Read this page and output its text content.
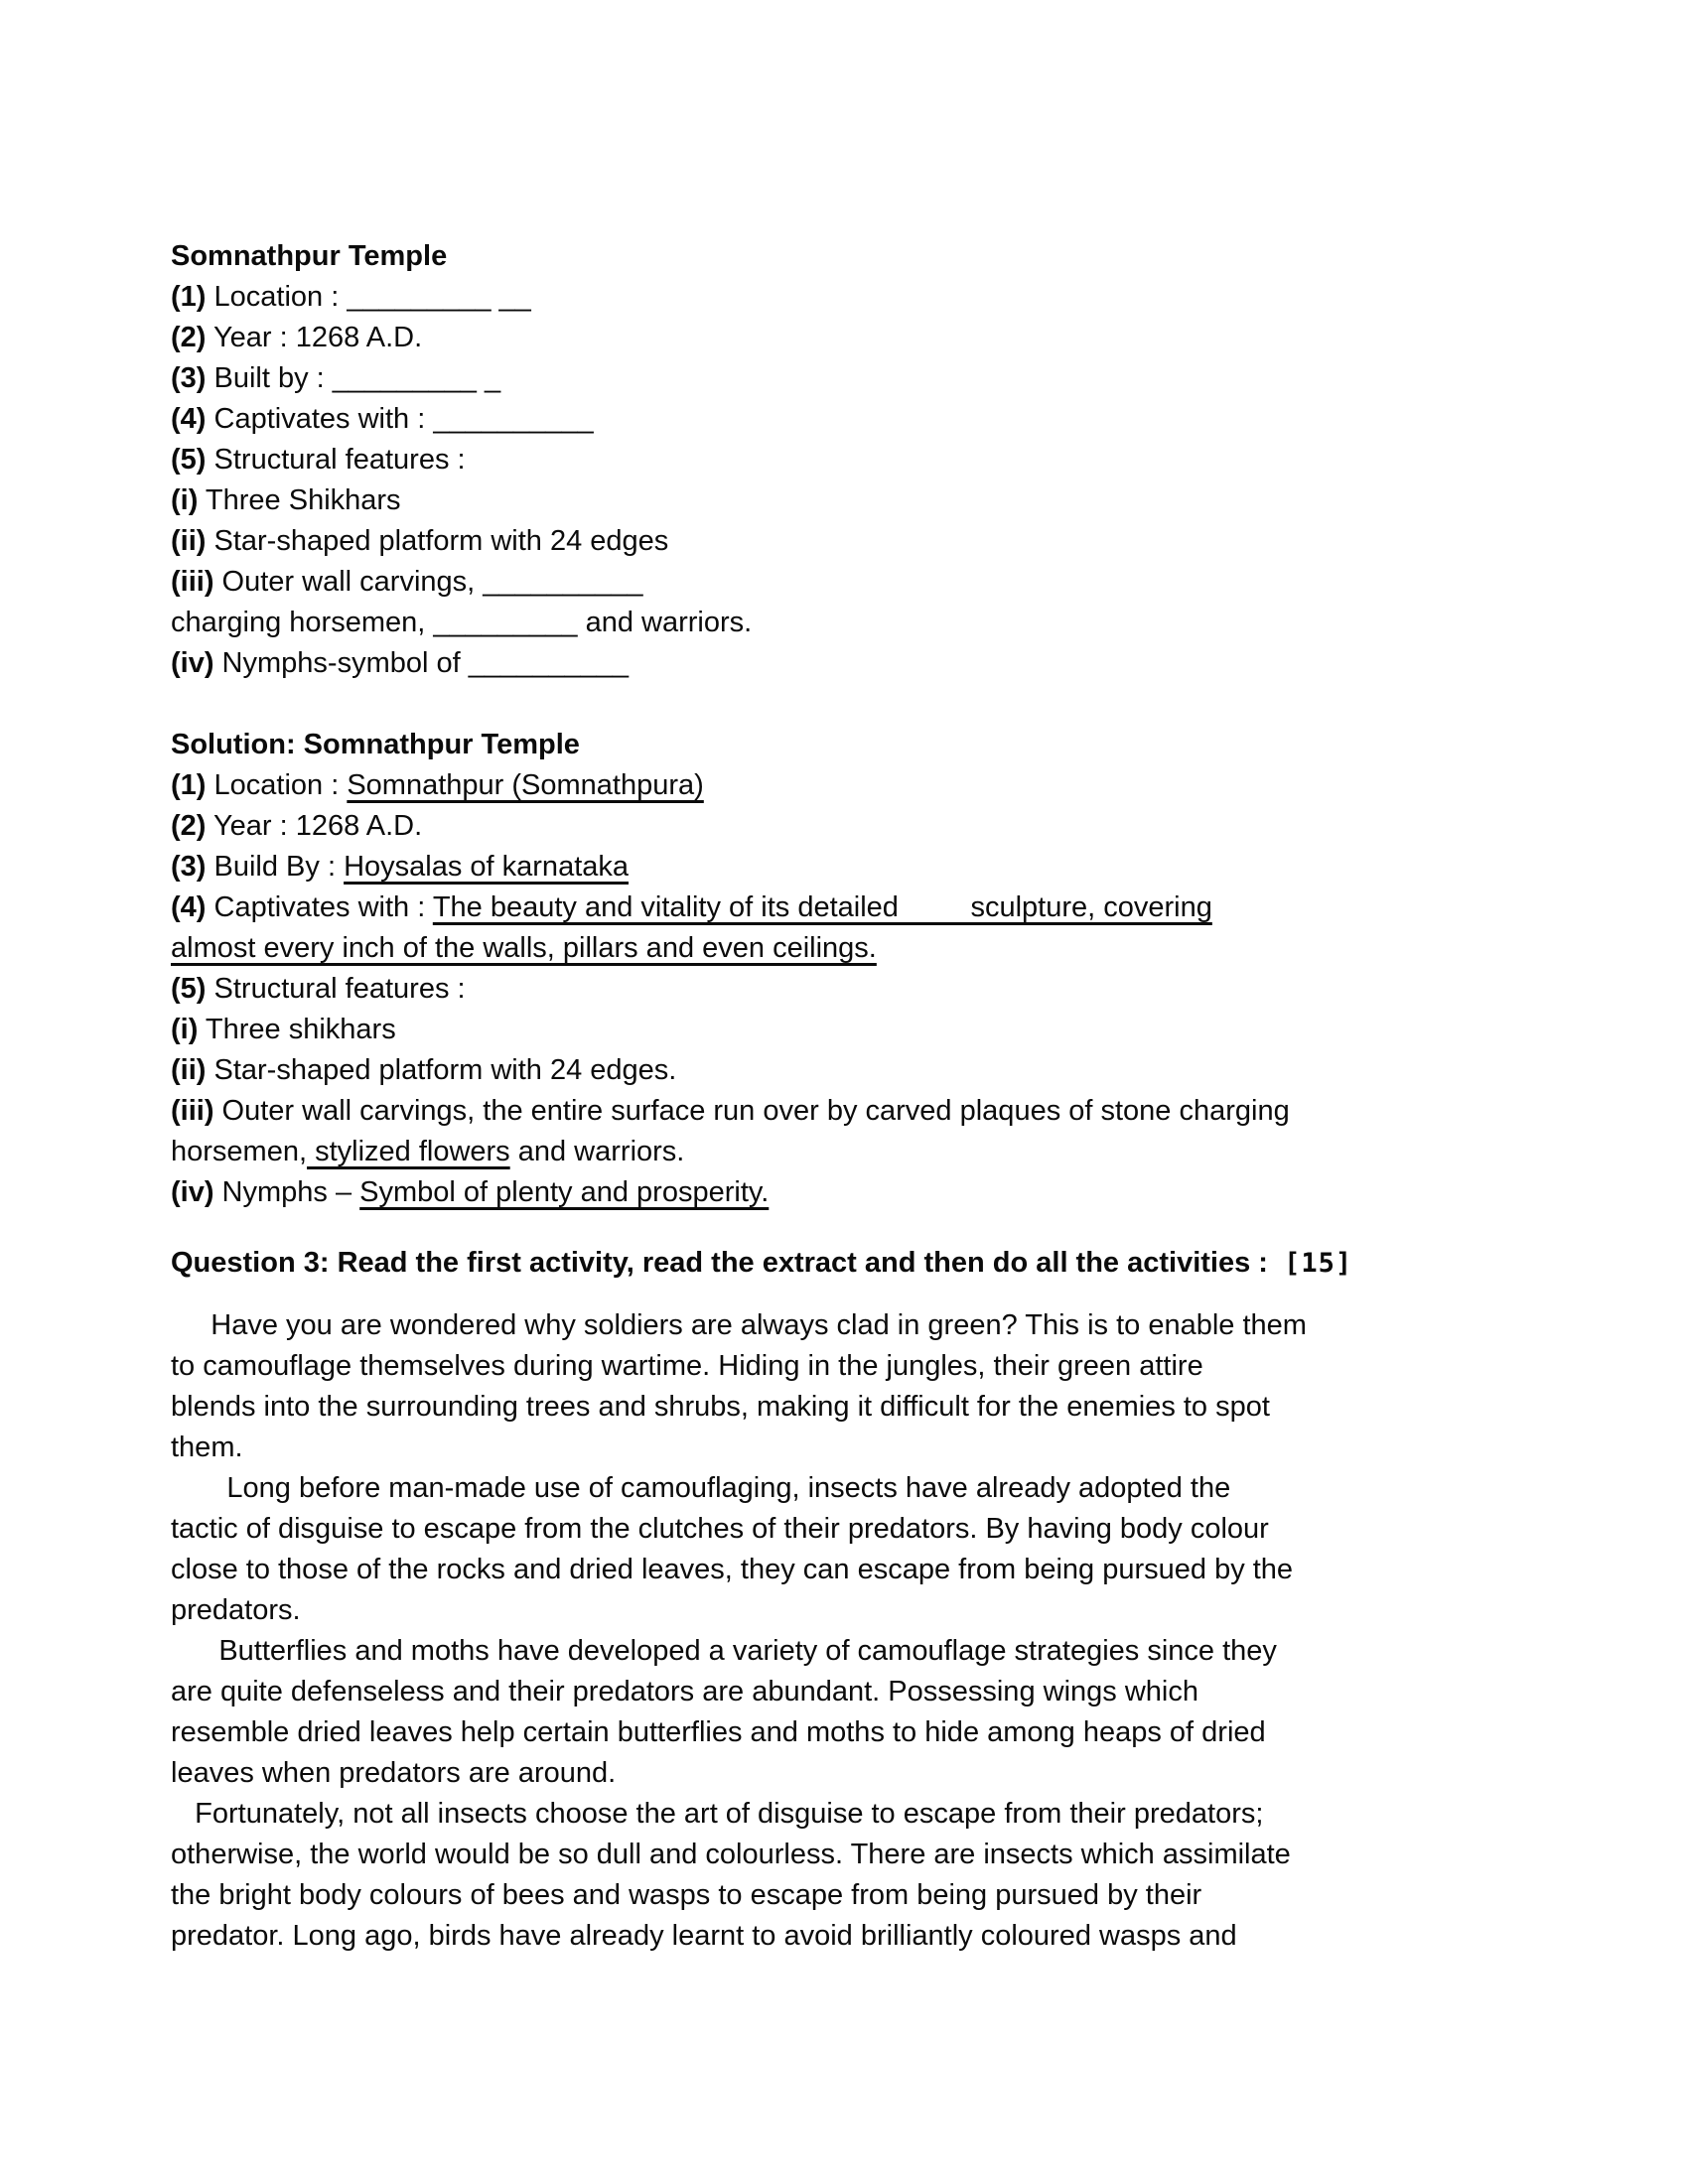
Somnathpur Temple
(1) Location : _________ __
(2) Year : 1268 A.D.
(3) Built by : _________ _
(4) Captivates with : __________
(5) Structural features :
(i) Three Shikhars
(ii) Star-shaped platform with 24 edges
(iii) Outer wall carvings, __________
charging horsemen, _________ and warriors.
(iv) Nymphs-symbol of __________
Solution: Somnathpur Temple
(1) Location : Somnathpur (Somnathpura)
(2) Year : 1268 A.D.
(3) Build By : Hoysalas of karnataka
(4) Captivates with : The beauty and vitality of its detailed         sculpture, covering
almost every inch of the walls, pillars and even ceilings.
(5) Structural features :
(i) Three shikhars
(ii) Star-shaped platform with 24 edges.
(iii) Outer wall carvings, the entire surface run over by carved plaques of stone charging
horsemen, stylized flowers and warriors.
(iv) Nymphs – Symbol of plenty and prosperity.
Question 3: Read the first activity, read the extract and then do all the activities : [15]
Have you are wondered why soldiers are always clad in green? This is to enable them
to camouflage themselves during wartime. Hiding in the jungles, their green attire
blends into the surrounding trees and shrubs, making it difficult for the enemies to spot
them.
Long before man-made use of camouflaging, insects have already adopted the
tactic of disguise to escape from the clutches of their predators. By having body colour
close to those of the rocks and dried leaves, they can escape from being pursued by the
predators.
Butterflies and moths have developed a variety of camouflage strategies since they
are quite defenseless and their predators are abundant. Possessing wings which
resemble dried leaves help certain butterflies and moths to hide among heaps of dried
leaves when predators are around.
Fortunately, not all insects choose the art of disguise to escape from their predators;
otherwise, the world would be so dull and colourless. There are insects which assimilate
the bright body colours of bees and wasps to escape from being pursued by their
predator. Long ago, birds have already learnt to avoid brilliantly coloured wasps and
